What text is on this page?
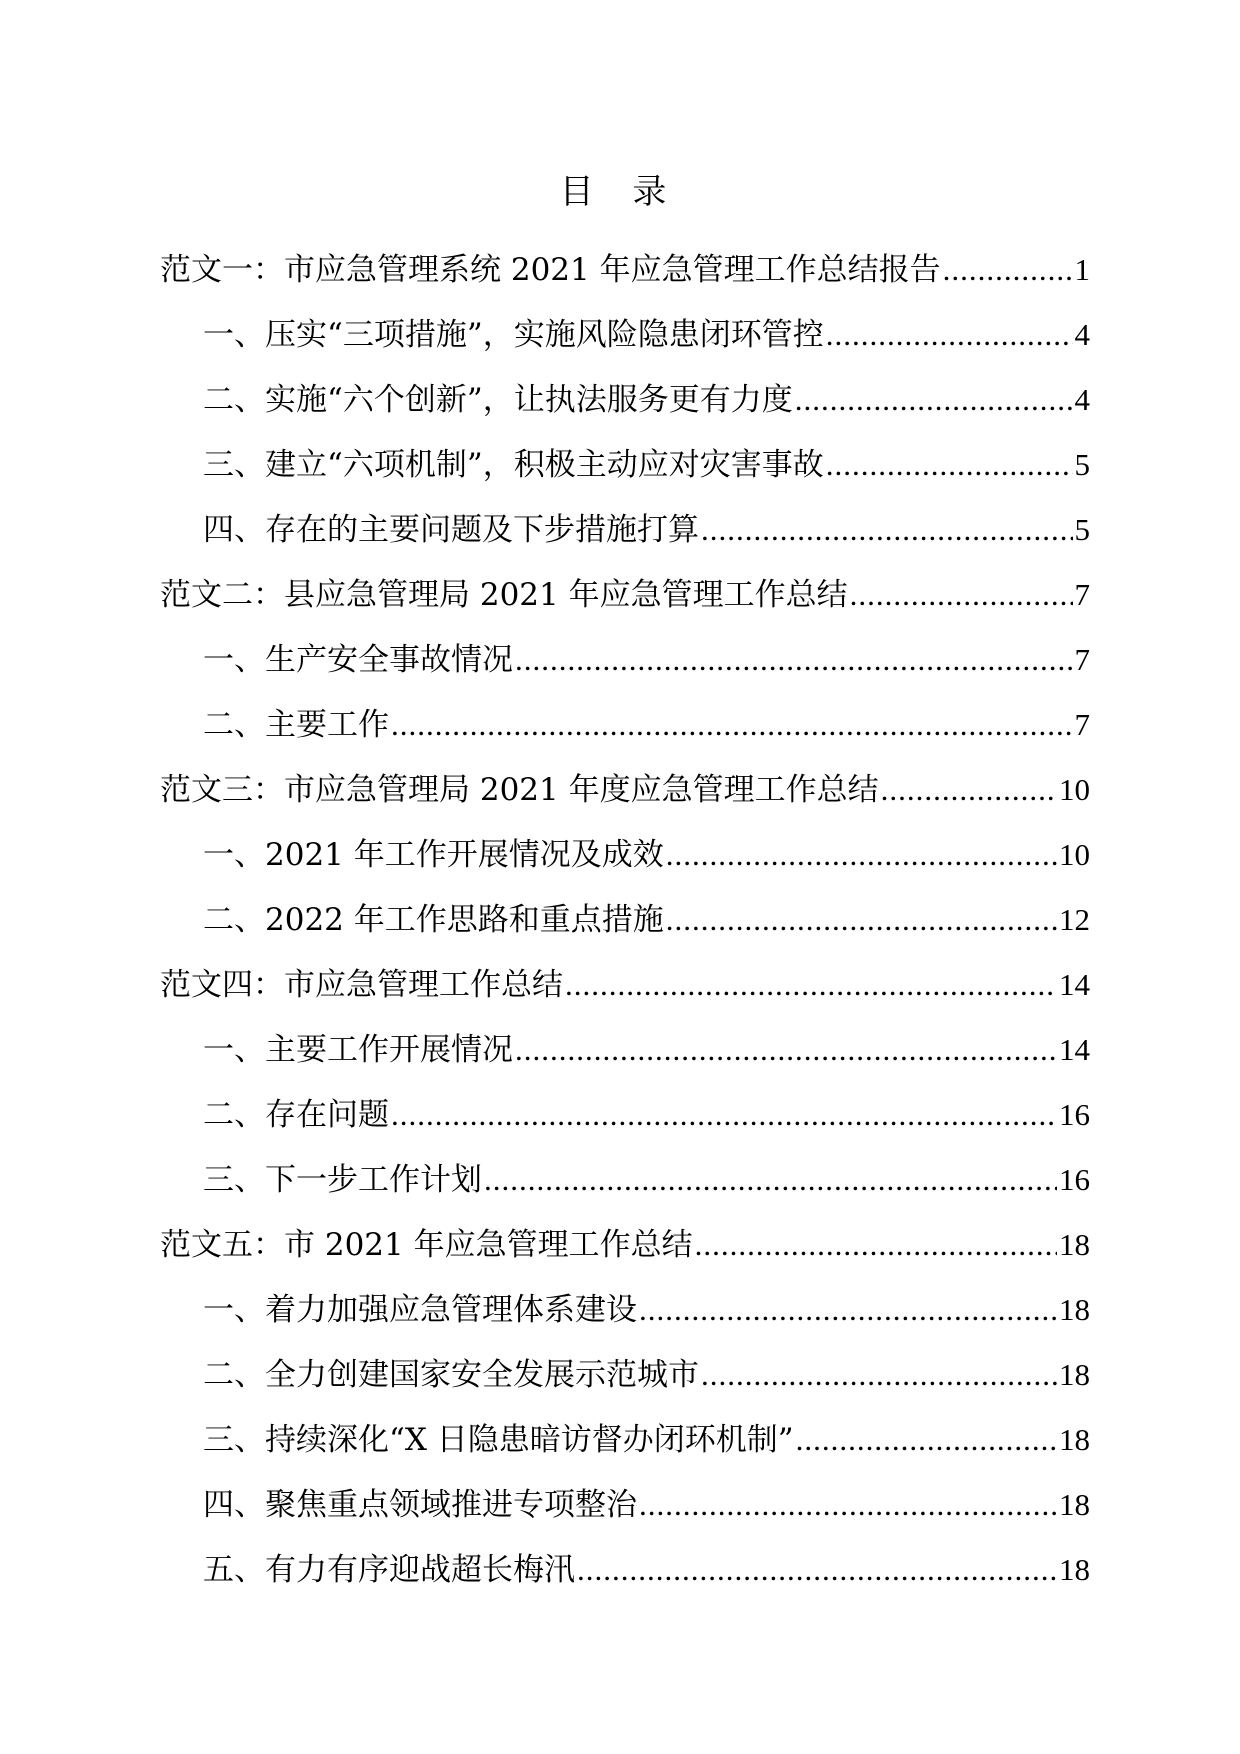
目 录
范文一：市应急管理系统 2021 年应急管理工作总结报告 .....	1
一、压实“三项措施”，实施风险隐患闭环管控 .....	4
二、实施“六个创新”，让执法服务更有力度 .....	4
三、建立“六项机制”，积极主动应对灾害事故 .....	5
四、存在的主要问题及下步措施打算 .....	5
范文二：县应急管理局 2021 年应急管理工作总结 .....	7
一、生产安全事故情况 .....	7
二、主要工作 .....	7
范文三：市应急管理局 2021 年度应急管理工作总结 .....	10
一、2021 年工作开展情况及成效 .....	10
二、2022 年工作思路和重点措施 .....	12
范文四：市应急管理工作总结 .....	14
一、主要工作开展情况 .....	14
二、存在问题 .....	16
三、下一步工作计划 .....	16
范文五：市 2021 年应急管理工作总结 .....	18
一、着力加强应急管理体系建设 .....	18
二、全力创建国家安全发展示范城市 .....	18
三、持续深化“X 日隐患暗访督办闭环机制” .....	18
四、聚焦重点领域推进专项整治 .....	18
五、有力有序迎战超长梅汛 .....	18
